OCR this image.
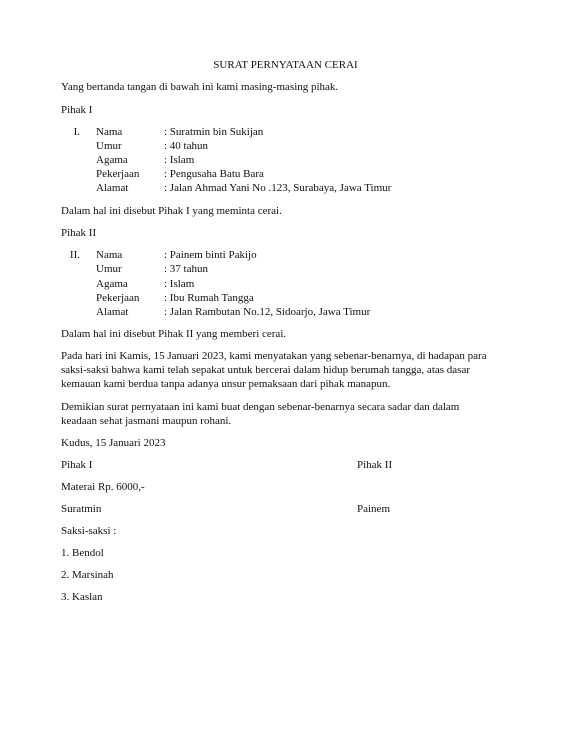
SURAT PERNYATAAN CERAI
Yang bertanda tangan di bawah ini kami masing-masing pihak.
Pihak I
I. Nama	: Suratmin bin Sukijan
Umur	: 40 tahun
Agama	: Islam
Pekerjaan : Pengusaha Batu Bara
Alamat	: Jalan Ahmad Yani No .123, Surabaya, Jawa Timur
Dalam hal ini disebut Pihak I yang meminta cerai.
Pihak II
II. Nama	: Painem binti Pakijo
Umur	: 37 tahun
Agama	: Islam
Pekerjaan : Ibu Rumah Tangga
Alamat	: Jalan Rambutan No.12, Sidoarjo, Jawa Timur
Dalam hal ini disebut Pihak II yang memberi cerai.
Pada hari ini Kamis, 15 Januari 2023, kami menyatakan yang sebenar-benarnya, di hadapan para
saksi-saksi bahwa kami telah sepakat untuk bercerai dalam hidup berumah tangga, atas dasar
kemauan kami berdua tanpa adanya unsur pemaksaan dari pihak manapun.
Demikian surat pernyataan ini kami buat dengan sebenar-benarnya secara sadar dan dalam
keadaan sehat jasmani maupun rohani.
Kudus, 15 Januari 2023
Pihak I	Pihak II
Materai Rp. 6000,-
Suratmin	Painem
Saksi-saksi :
1. Bendol
2. Marsinah
3. Kaslan
